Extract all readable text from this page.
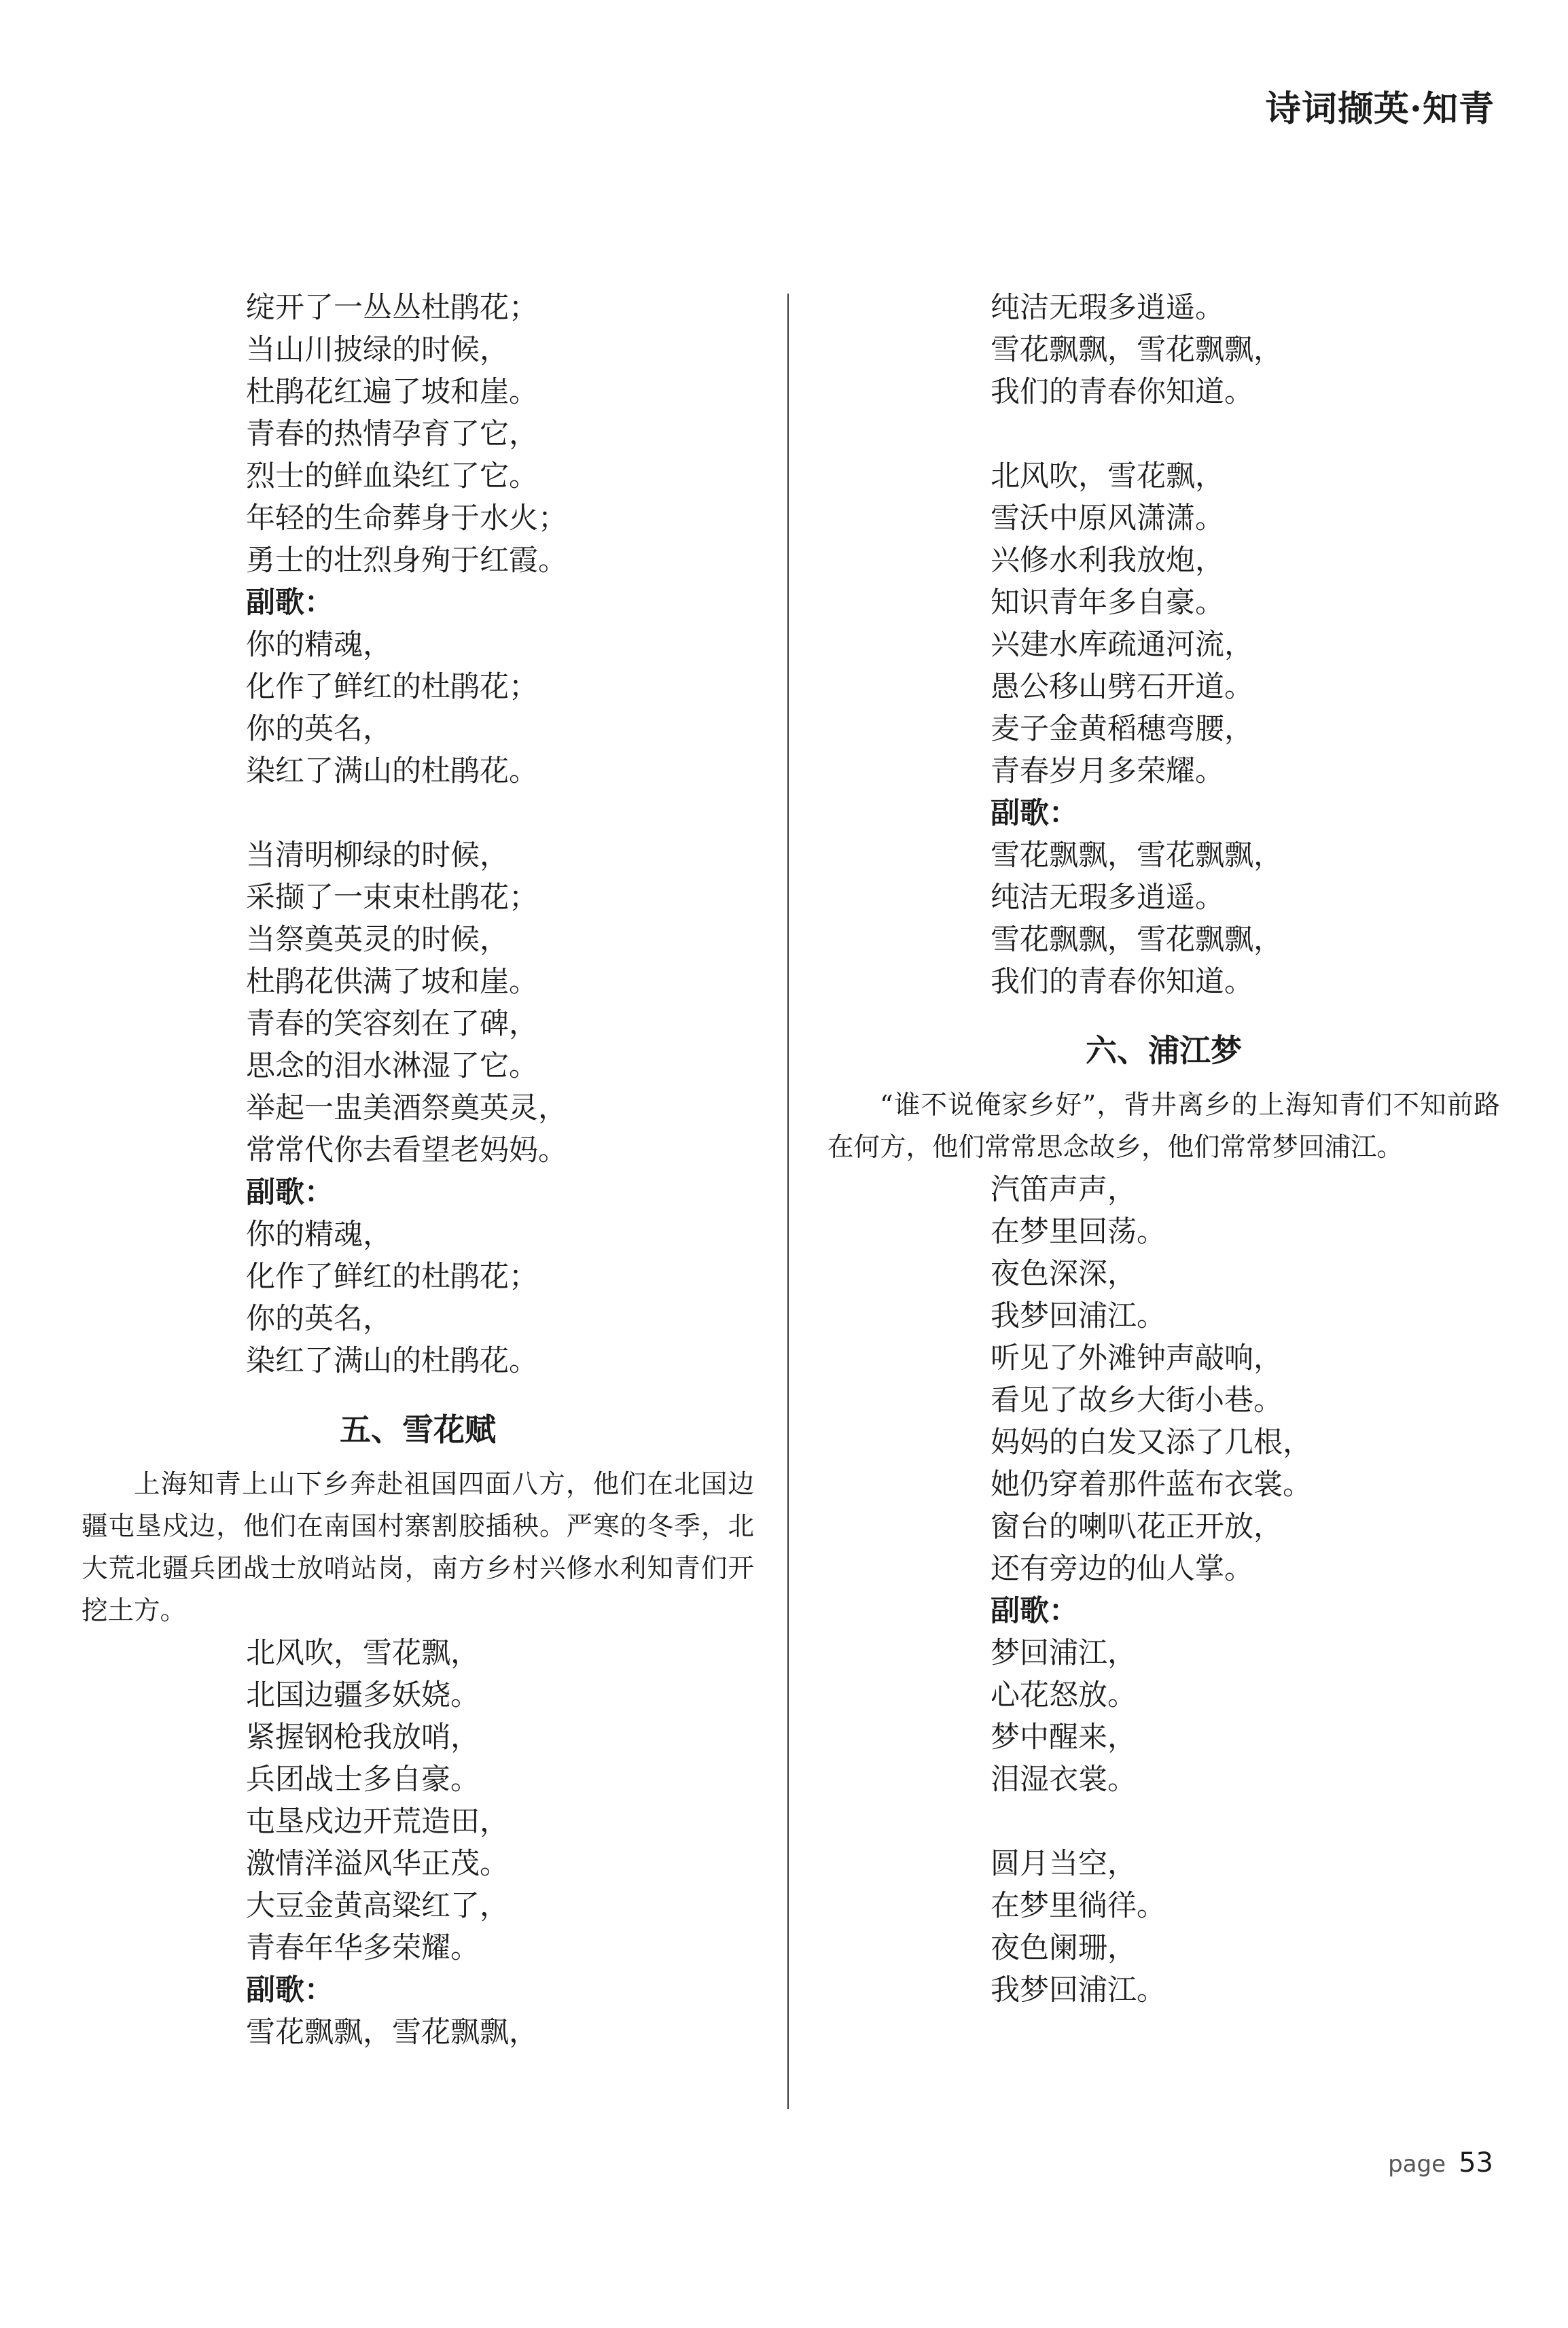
诗词撷英·知青
绽开了一丛丛杜鹃花；
当山川披绿的时候，
杜鹃花红遍了坡和崖。
青春的热情孕育了它，
烈士的鲜血染红了它。
年轻的生命葬身于水火；
勇士的壮烈身殉于红霞。
副歌：
你的精魂，
化作了鲜红的杜鹃花；
你的英名，
染红了满山的杜鹃花。
当清明柳绿的时候，
采撷了一束束杜鹃花；
当祭奠英灵的时候，
杜鹃花供满了坡和崖。
青春的笑容刻在了碑，
思念的泪水淋湿了它。
举起一盅美酒祭奠英灵，
常常代你去看望老妈妈。
副歌：
你的精魂，
化作了鲜红的杜鹃花；
你的英名，
染红了满山的杜鹃花。
五、雪花赋

上海知青上山下乡奔赴祖国四面八方，他们在北国边疆屯垦戍边，他们在南国村寨割胶插秧。严寒的冬季，北大荒北疆兵团战士放哨站岗，南方乡村兴修水利知青们开挖土方。

北风吹，雪花飘，
北国边疆多妖娆。
紧握钢枪我放哨，
兵团战士多自豪。
屯垦戍边开荒造田，
激情洋溢风华正茂。
大豆金黄高粱红了，
青春年华多荣耀。
副歌：
雪花飘飘，雪花飘飘，
纯洁无瑕多逍遥。
雪花飘飘，雪花飘飘，
我们的青春你知道。
北风吹，雪花飘，
雪沃中原风潇潇。
兴修水利我放炮，
知识青年多自豪。
兴建水库疏通河流，
愚公移山劈石开道。
麦子金黄稻穗弯腰，
青春岁月多荣耀。
副歌：
雪花飘飘，雪花飘飘，
纯洁无瑕多逍遥。
雪花飘飘，雪花飘飘，
我们的青春你知道。
六、浦江梦

“谁不说俺家乡好”，背井离乡的上海知青们不知前路在何方，他们常常思念故乡，他们常常梦回浦江。

汽笛声声，
在梦里回荡。
夜色深深，
我梦回浦江。
听见了外滩钟声敲响，
看见了故乡大街小巷。
妈妈的白发又添了几根，
她仍穿着那件蓝布衣裳。
窗台的喇叭花正开放，
还有旁边的仙人掌。
副歌：
梦回浦江，
心花怒放。
梦中醒来，
泪湿衣裳。
圆月当空，
在梦里徜徉。
夜色阑珊，
我梦回浦江。
page 53
